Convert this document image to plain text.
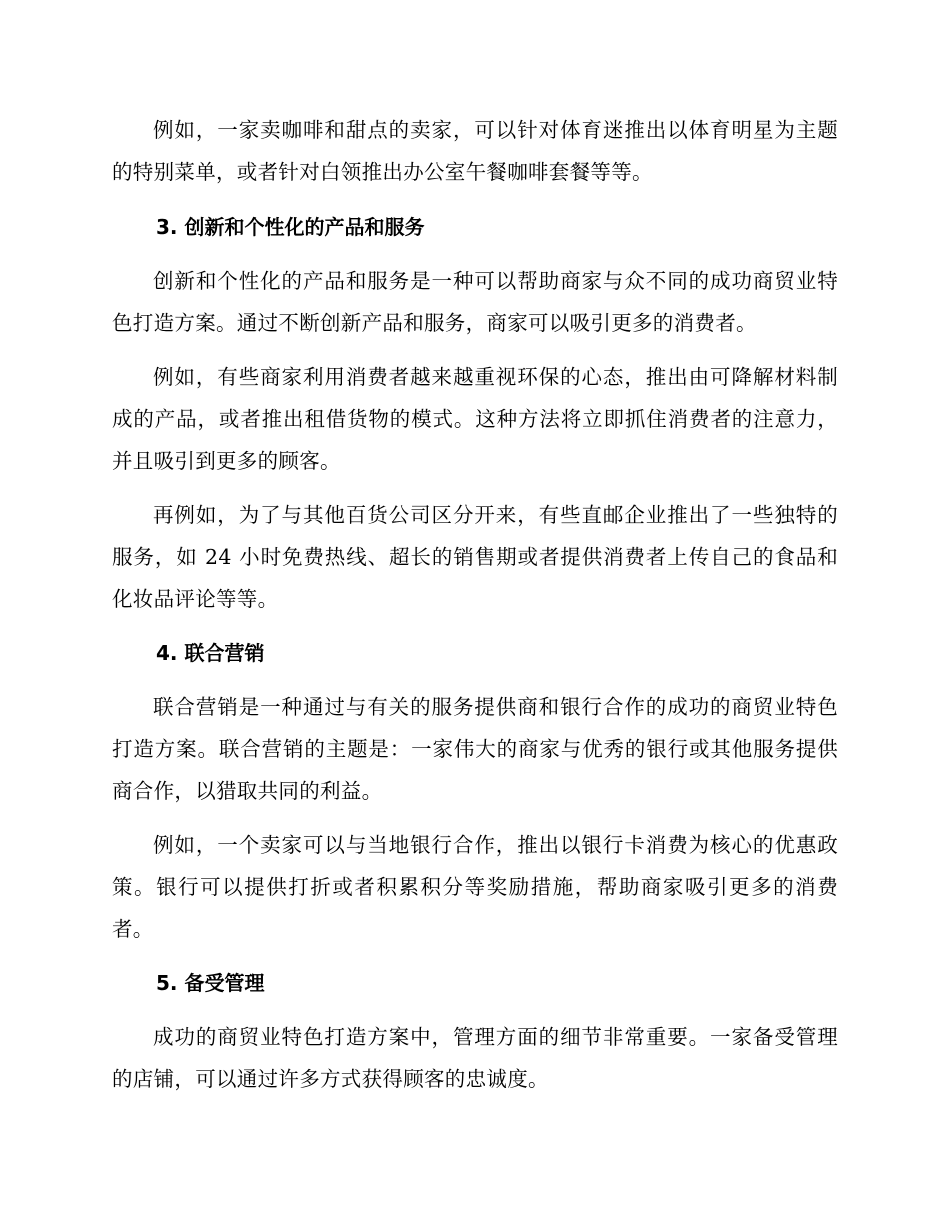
例如，一家卖咖啡和甜点的卖家，可以针对体育迷推出以体育明星为主题的特别菜单，或者针对白领推出办公室午餐咖啡套餐等等。

3. 创新和个性化的产品和服务

创新和个性化的产品和服务是一种可以帮助商家与众不同的成功商贸业特色打造方案。通过不断创新产品和服务，商家可以吸引更多的消费者。

例如，有些商家利用消费者越来越重视环保的心态，推出由可降解材料制成的产品，或者推出租借货物的模式。这种方法将立即抓住消费者的注意力，并且吸引到更多的顾客。

再例如，为了与其他百货公司区分开来，有些直邮企业推出了一些独特的服务，如 24 小时免费热线、超长的销售期或者提供消费者上传自己的食品和化妆品评论等等。

4. 联合营销

联合营销是一种通过与有关的服务提供商和银行合作的成功的商贸业特色打造方案。联合营销的主题是：一家伟大的商家与优秀的银行或其他服务提供商合作，以猎取共同的利益。

例如，一个卖家可以与当地银行合作，推出以银行卡消费为核心的优惠政策。银行可以提供打折或者积累积分等奖励措施，帮助商家吸引更多的消费者。

5. 备受管理

成功的商贸业特色打造方案中，管理方面的细节非常重要。一家备受管理的店铺，可以通过许多方式获得顾客的忠诚度。
